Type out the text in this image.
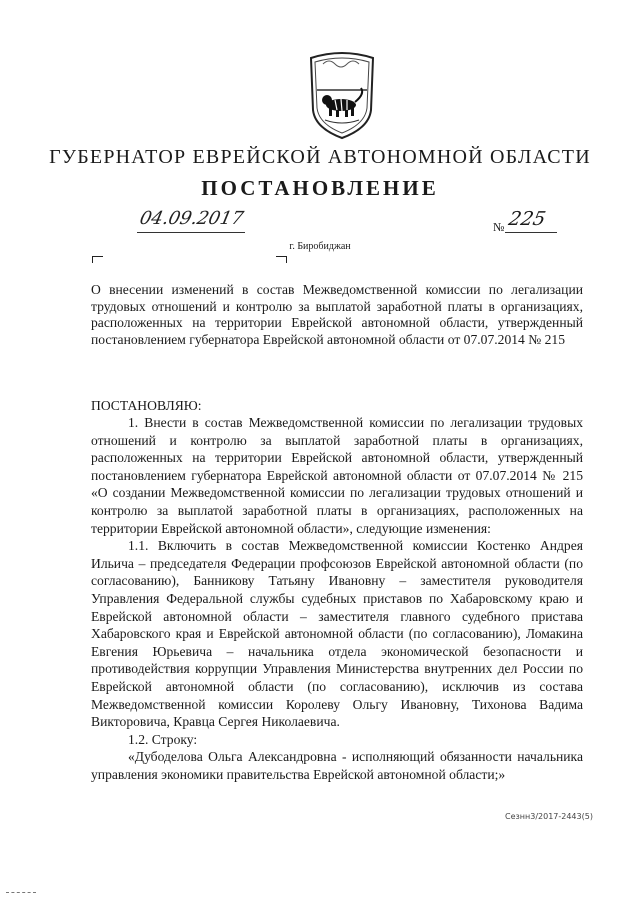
ГУБЕРНАТОР ЕВРЕЙСКОЙ АВТОНОМНОЙ ОБЛАСТИ
ПОСТАНОВЛЕНИЕ
04.09.2017	№ 225
г. Биробиджан
О внесении изменений в состав Межведомственной комиссии по легализации трудовых отношений и контролю за выплатой заработной платы в организациях, расположенных на территории Еврейской автономной области, утвержденный постановлением губернатора Еврейской автономной области от 07.07.2014 № 215
ПОСТАНОВЛЯЮ:

1. Внести в состав Межведомственной комиссии по легализации трудовых отношений и контролю за выплатой заработной платы в организациях, расположенных на территории Еврейской автономной области, утвержденный постановлением губернатора Еврейской автономной области от 07.07.2014 № 215 «О создании Межведомственной комиссии по легализации трудовых отношений и контролю за выплатой заработной платы в организациях, расположенных на территории Еврейской автономной области», следующие изменения:

1.1. Включить в состав Межведомственной комиссии Костенко Андрея Ильича – председателя Федерации профсоюзов Еврейской автономной области (по согласованию), Банникову Татьяну Ивановну – заместителя руководителя Управления Федеральной службы судебных приставов по Хабаровскому краю и Еврейской автономной области – заместителя главного судебного пристава Хабаровского края и Еврейской автономной области (по согласованию), Ломакина Евгения Юрьевича – начальника отдела экономической безопасности и противодействия коррупции Управления Министерства внутренних дел России по Еврейской автономной области (по согласованию), исключив из состава Межведомственной комиссии Королеву Ольгу Ивановну, Тихонова Вадима Викторовича, Кравца Сергея Николаевича.

1.2. Строку:

«Дубоделова Ольга Александровна - исполняющий обязанности начальника управления экономики правительства Еврейской автономной области;»

Сезнн3/2017-2443(5)
